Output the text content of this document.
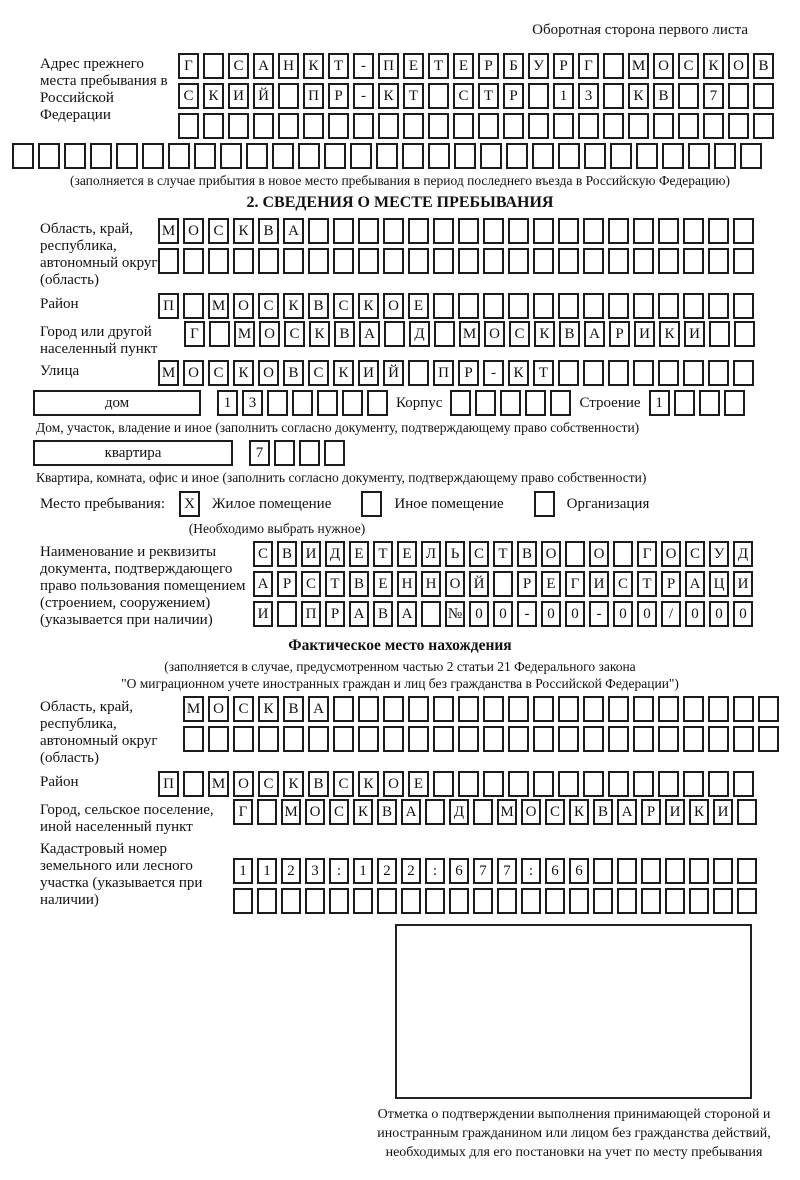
Оборотная сторона первого листа
Адрес прежнего места пребывания в Российской Федерации
Г	С А Н К	Т	-	П Е	Т	Е	Р	Б	У	Р	Г	М О С К О В
С К И Й	П	Р	-	К	Т	С	Т	Р	1	3	К В	7
(заполняется в случае прибытия в новое место пребывания в период последнего въезда в Российскую Федерацию)
2. СВЕДЕНИЯ О МЕСТЕ ПРЕБЫВАНИЯ
Область, край, республика, автономный округ (область)
М О С К В А
Район	П	М О С К В С К О Е
Город или другой населенный пункт
Г	М О С К В А	Д	М О С К В А	Р	И К И
Улица	М О С К О В С К И Й	П	Р	-	К	Т
дом	1	3	Корпус	Строение 1
Дом, участок, владение и иное (заполнить согласно документу, подтверждающему право собственности)
квартира	7
Квартира, комната, офис и иное (заполнить согласно документу, подтверждающему право собственности)
Место пребывания:	X	Жилое помещение	Иное помещение	Организация
(Необходимо выбрать нужное)
Наименование и реквизиты документа, подтверждающего право пользования помещением (строением, сооружением) (указывается при наличии)
С В И Д Е Т Е Л Ь С Т В О	О	Г О С У Д
А Р С Т В Е Н Н О Й	Р	Е	Г И С Т	Р А Ц И
И	П Р А В А	№ 0	0	-	0	0	-	0	0	/	0	0	0
Фактическое место нахождения
(заполняется в случае, предусмотренном частью 2 статьи 21 Федерального закона
"О миграционном учете иностранных граждан и лиц без гражданства в Российской Федерации")
Область, край, республика, автономный округ (область)
М О С К В А
Район	П	М О С К В С К О Е
Город, сельское поселение, иной населенный пункт
Г	М О С К В А	Д	М О С К В А Р И К И
Кадастровый номер земельного или лесного участка (указывается при наличии)
1	1	2	3	:	1	2	2	:	6	7	7	:	6	6
Отметка о подтверждении выполнения принимающей стороной и иностранным гражданином или лицом без гражданства действий, необходимых для его постановки на учет по месту пребывания
